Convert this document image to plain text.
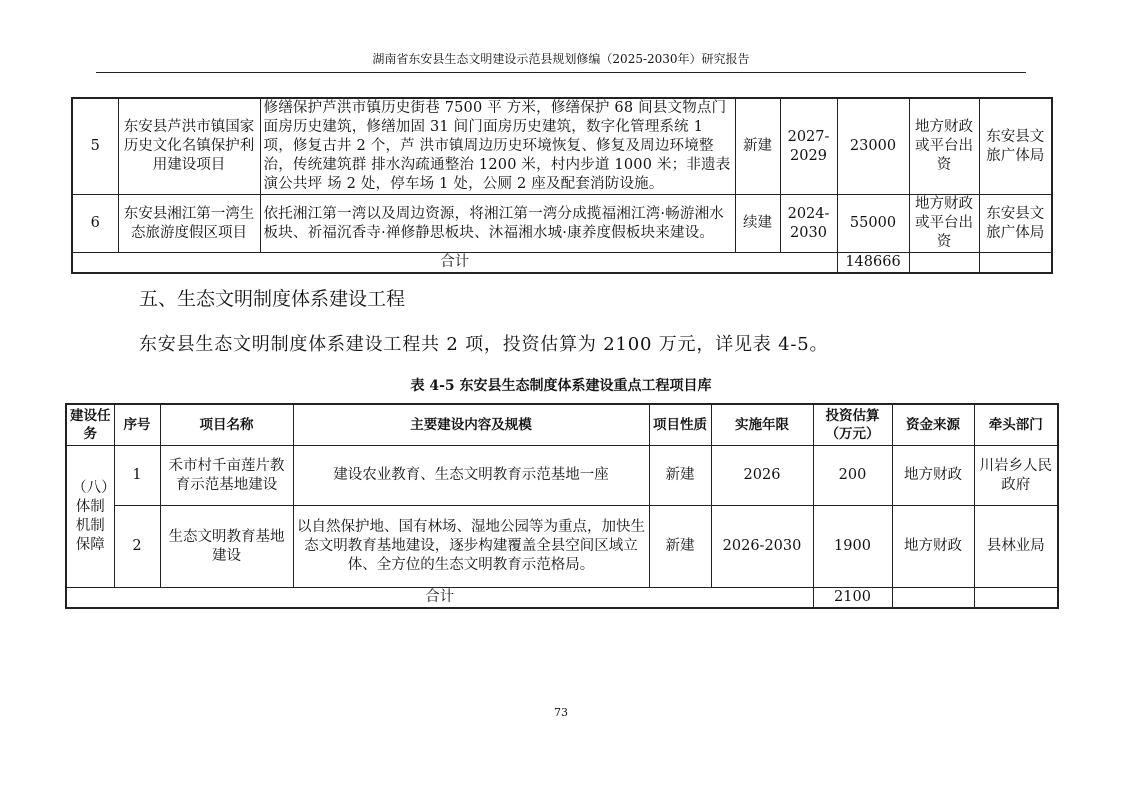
湖南省东安县生态文明建设示范县规划修编（2025-2030年）研究报告
5	东安县芦洪市镇国家历史文化名镇保护利用建设项目	修缮保护芦洪市镇历史街巷 7500 平 方米，修缮保护 68 间县文物点门面房历史建筑，修缮加固 31 间门面房历史建筑，数字化管理系统 1 项，修复古井 2 个，芦 洪市镇周边历史环境恢复、修复及周边环境整治，传统建筑群 排水沟疏通整治 1200 米，村内步道 1000 米；非遗表演公共坪 场 2 处，停车场 1 处，公厕 2 座及配套消防设施。	新建	2027-2029	23000	地方财政或平台出资	东安县文旅广体局
6	东安县湘江第一湾生态旅游度假区项目	依托湘江第一湾以及周边资源，将湘江第一湾分成揽福湘江湾·畅游湘水板块、祈福沉香寺·禅修静思板块、沐福湘水城·康养度假板块来建设。	续建	2024-2030	55000	地方财政或平台出资	东安县文旅广体局
合计					148666		
五、生态文明制度体系建设工程
东安县生态文明制度体系建设工程共 2 项，投资估算为 2100 万元，详见表 4-5。
表 4-5 东安县生态制度体系建设重点工程项目库
建设任务	序号	项目名称	主要建设内容及规模	项目性质	实施年限	投资估算（万元）	资金来源	牵头部门
（八）体制机制保障	1	禾市村千亩莲片教育示范基地建设	建设农业教育、生态文明教育示范基地一座	新建	2026	200	地方财政	川岩乡人民政府
	2	生态文明教育基地建设	以自然保护地、国有林场、湿地公园等为重点，加快生态文明教育基地建设，逐步构建覆盖全县空间区域立体、全方位的生态文明教育示范格局。	新建	2026-2030	1900	地方财政	县林业局
合计						2100		
73
